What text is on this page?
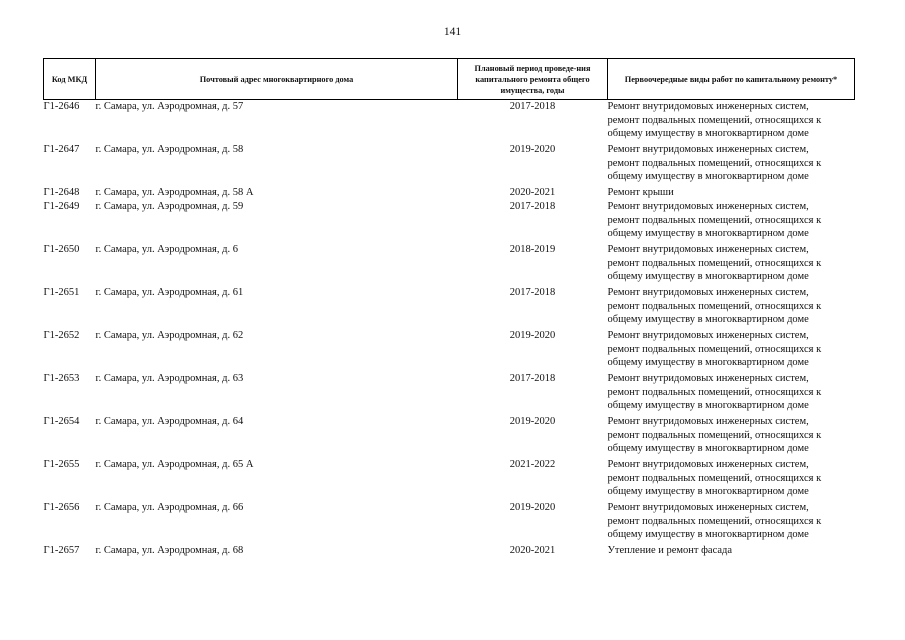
141
Код МКД	Почтовый адрес многоквартирного дома	Плановый период проведе-ния капитального ремонта общего имущества, годы	Первоочередные виды работ по капитальному ремонту*
Г1-2646	г. Самара, ул. Аэродромная, д. 57	2017-2018	Ремонт внутридомовых инженерных систем,
ремонт подвальных помещений, относящихся к
общему имуществу в многоквартирном доме

Г1-2647	г. Самара, ул. Аэродромная, д. 58	2019-2020	Ремонт внутридомовых инженерных систем,
ремонт подвальных помещений, относящихся к
общему имуществу в многоквартирном доме

Г1-2648	г. Самара, ул. Аэродромная, д. 58 А	2020-2021	Ремонт крыши

Г1-2649	г. Самара, ул. Аэродромная, д. 59	2017-2018	Ремонт внутридомовых инженерных систем,
ремонт подвальных помещений, относящихся к
общему имуществу в многоквартирном доме

Г1-2650	г. Самара, ул. Аэродромная, д. 6	2018-2019	Ремонт внутридомовых инженерных систем,
ремонт подвальных помещений, относящихся к
общему имуществу в многоквартирном доме

Г1-2651	г. Самара, ул. Аэродромная, д. 61	2017-2018	Ремонт внутридомовых инженерных систем,
ремонт подвальных помещений, относящихся к
общему имуществу в многоквартирном доме

Г1-2652	г. Самара, ул. Аэродромная, д. 62	2019-2020	Ремонт внутридомовых инженерных систем,
ремонт подвальных помещений, относящихся к
общему имуществу в многоквартирном доме

Г1-2653	г. Самара, ул. Аэродромная, д. 63	2017-2018	Ремонт внутридомовых инженерных систем,
ремонт подвальных помещений, относящихся к
общему имуществу в многоквартирном доме

Г1-2654	г. Самара, ул. Аэродромная, д. 64	2019-2020	Ремонт внутридомовых инженерных систем,
ремонт подвальных помещений, относящихся к
общему имуществу в многоквартирном доме

Г1-2655	г. Самара, ул. Аэродромная, д. 65 А	2021-2022	Ремонт внутридомовых инженерных систем,
ремонт подвальных помещений, относящихся к
общему имуществу в многоквартирном доме

Г1-2656	г. Самара, ул. Аэродромная, д. 66	2019-2020	Ремонт внутридомовых инженерных систем,
ремонт подвальных помещений, относящихся к
общему имуществу в многоквартирном доме

Г1-2657	г. Самара, ул. Аэродромная, д. 68	2020-2021	Утепление и ремонт фасада
